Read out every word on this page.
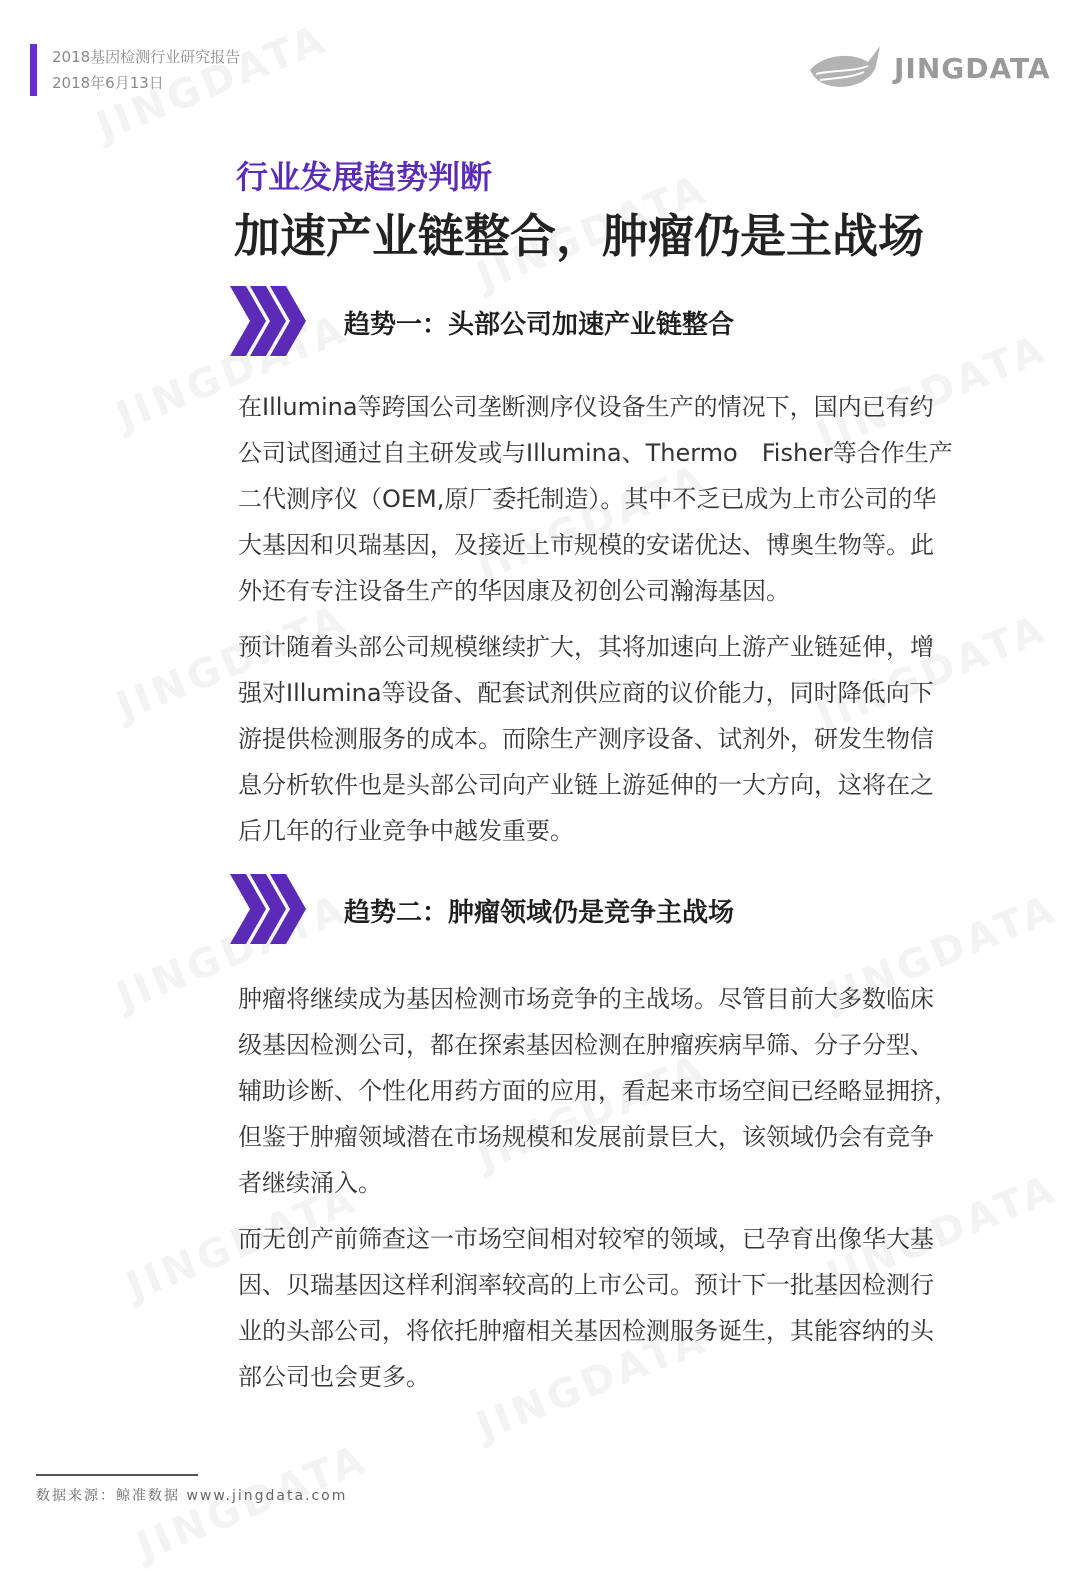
2018基因检测行业研究报告
2018年6月13日	JINGDATA
行业发展趋势判断
加速产业链整合，肿瘤仍是主战场
趋势一：头部公司加速产业链整合
在Illumina等跨国公司垄断测序仪设备生产的情况下，国内已有约
公司试图通过自主研发或与Illumina、Thermo　Fisher等合作生产
二代测序仪（OEM,原厂委托制造）。其中不乏已成为上市公司的华
大基因和贝瑞基因，及接近上市规模的安诺优达、博奥生物等。此
外还有专注设备生产的华因康及初创公司瀚海基因。
预计随着头部公司规模继续扩大，其将加速向上游产业链延伸，增
强对Illumina等设备、配套试剂供应商的议价能力，同时降低向下
游提供检测服务的成本。而除生产测序设备、试剂外，研发生物信
息分析软件也是头部公司向产业链上游延伸的一大方向，这将在之
后几年的行业竞争中越发重要。
趋势二：肿瘤领域仍是竞争主战场
肿瘤将继续成为基因检测市场竞争的主战场。尽管目前大多数临床
级基因检测公司，都在探索基因检测在肿瘤疾病早筛、分子分型、
辅助诊断、个性化用药方面的应用，看起来市场空间已经略显拥挤，
但鉴于肿瘤领域潜在市场规模和发展前景巨大，该领域仍会有竞争
者继续涌入。
而无创产前筛查这一市场空间相对较窄的领域，已孕育出像华大基
因、贝瑞基因这样利润率较高的上市公司。预计下一批基因检测行
业的头部公司，将依托肿瘤相关基因检测服务诞生，其能容纳的头
部公司也会更多。
数据来源：鲸准数据 www.jingdata.com
